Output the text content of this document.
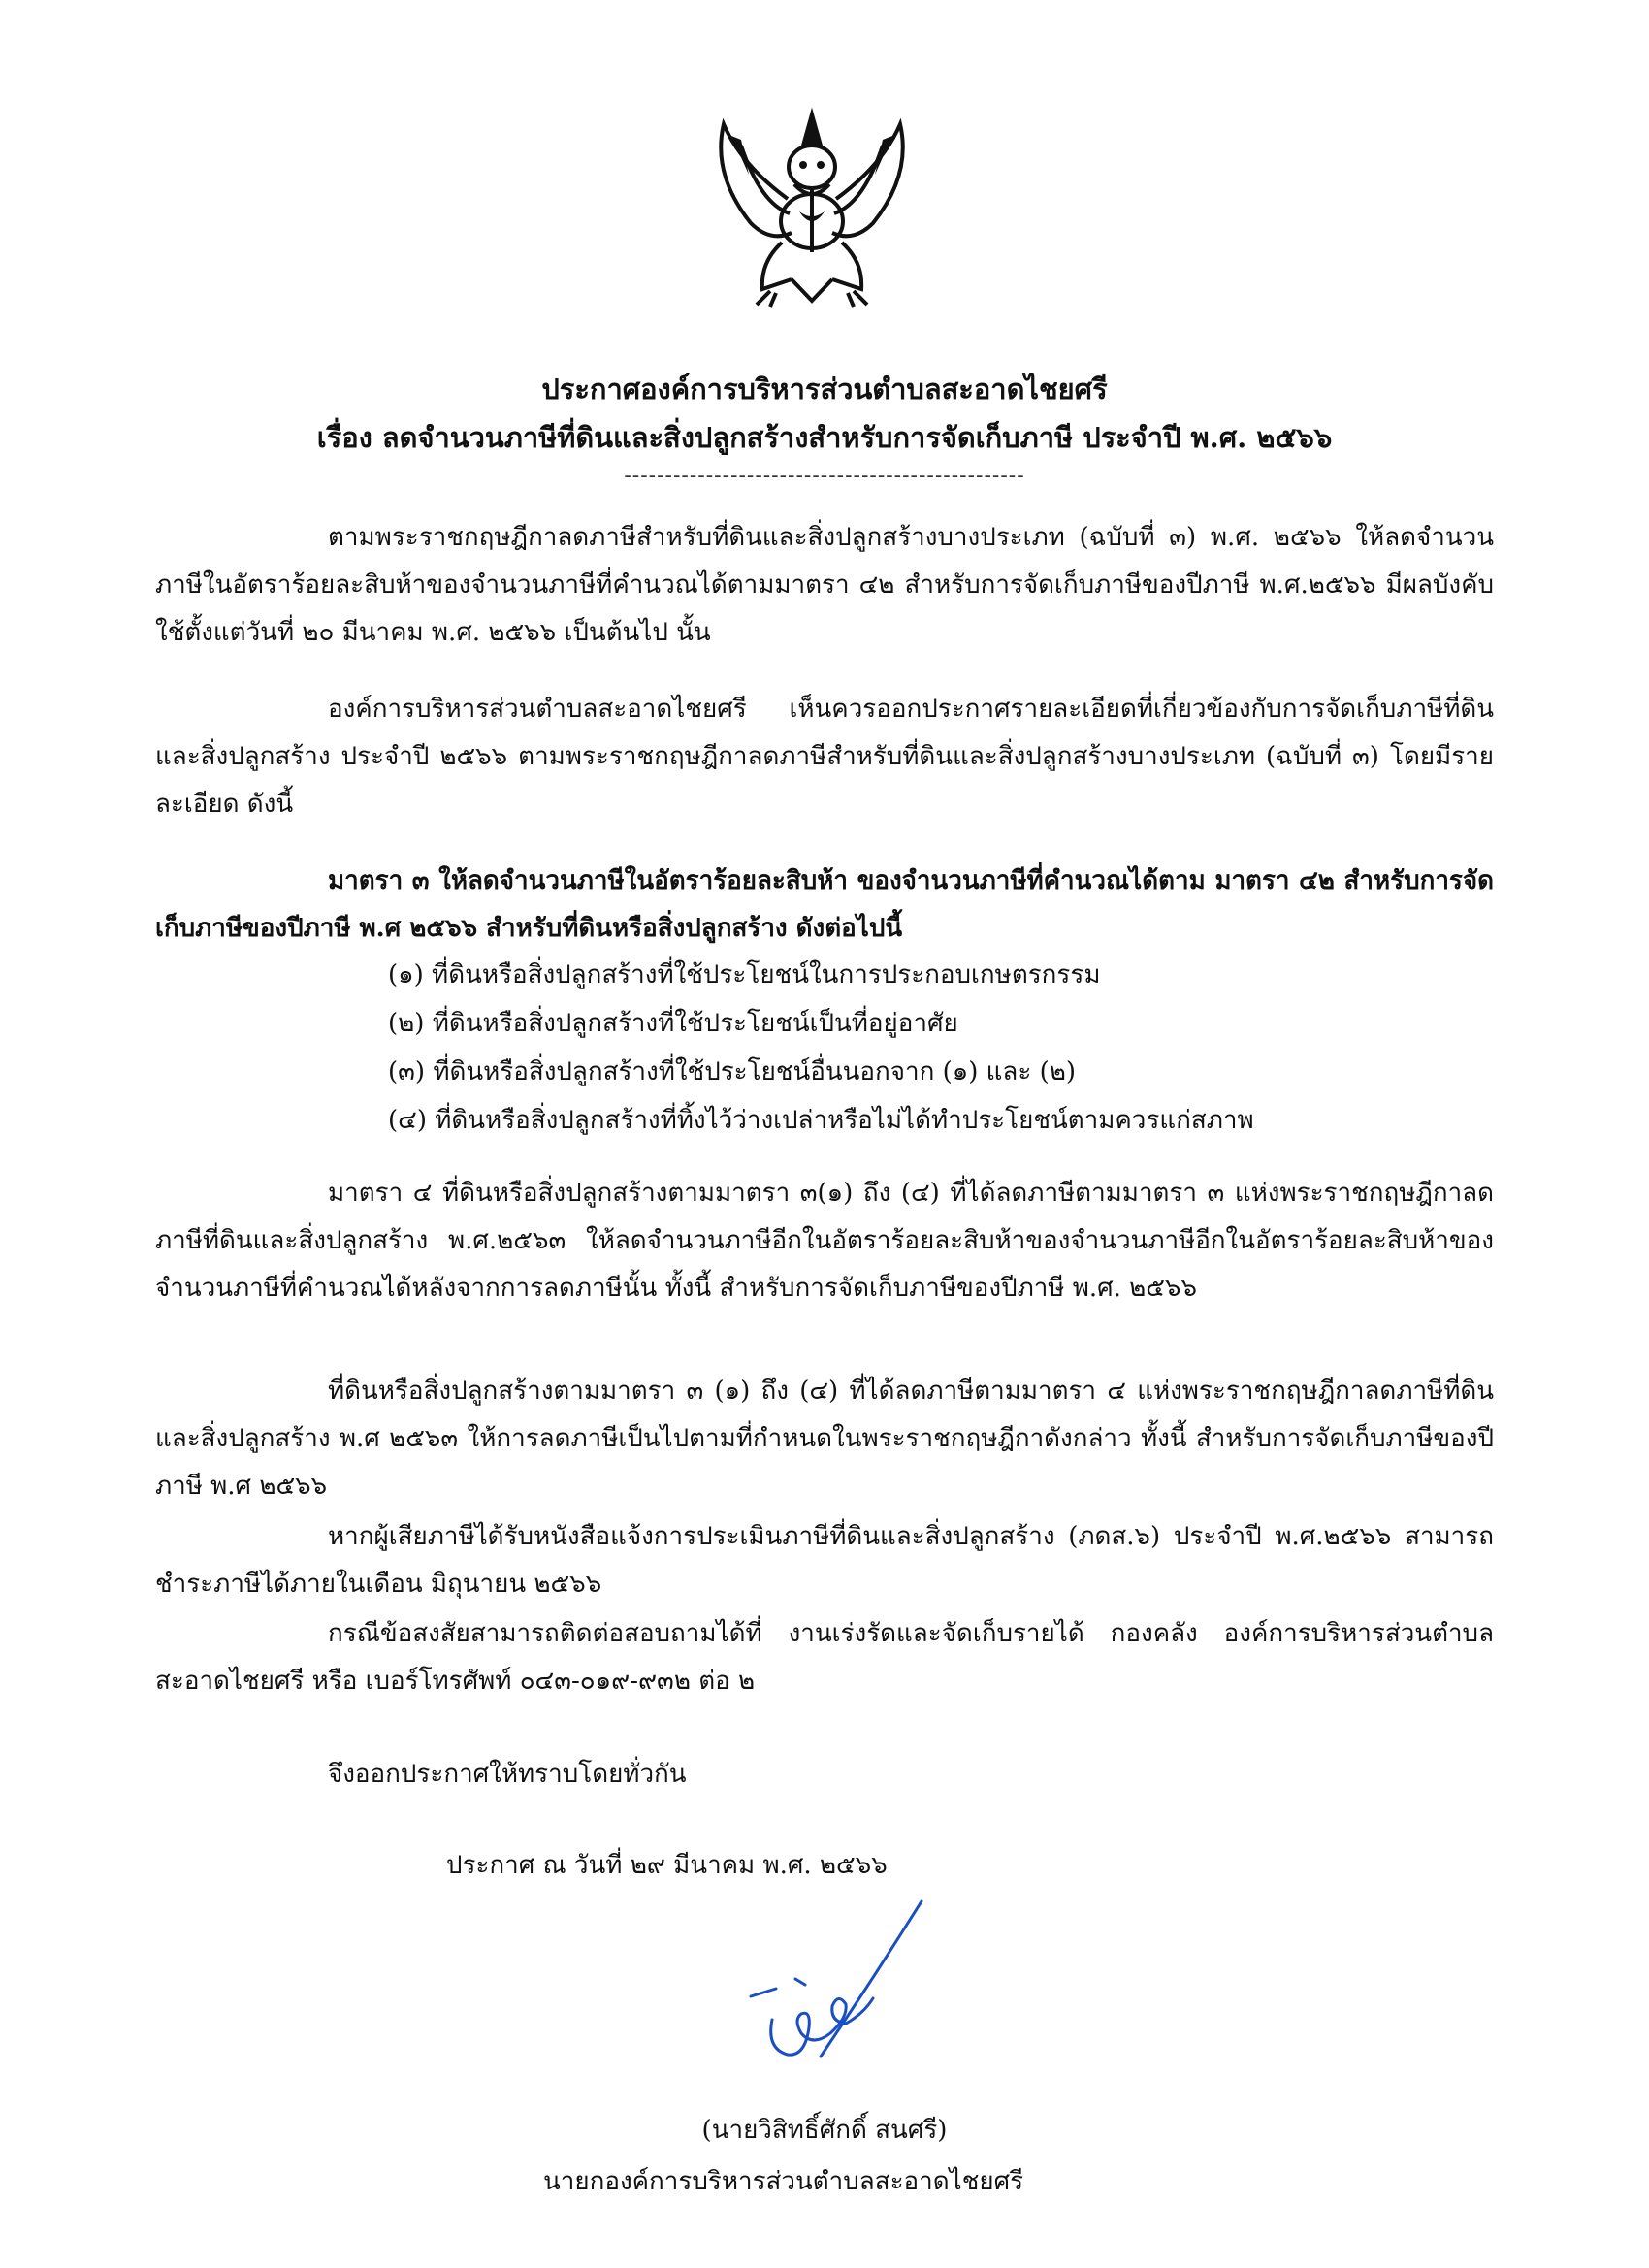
ประกาศองค์การบริหารส่วนตำบลสะอาดไชยศรี
เรื่อง ลดจำนวนภาษีที่ดินและสิ่งปลูกสร้างสำหรับการจัดเก็บภาษี ประจำปี พ.ศ. ๒๕๖๖
-------------------------------------------------
ตามพระราชกฤษฎีกาลดภาษีสำหรับที่ดินและสิ่งปลูกสร้างบางประเภท (ฉบับที่ ๓) พ.ศ. ๒๕๖๖ ให้ลดจำนวนภาษีในอัตราร้อยละสิบห้าของจำนวนภาษีที่คำนวณได้ตามมาตรา ๔๒ สำหรับการจัดเก็บภาษีของปีภาษี พ.ศ.๒๕๖๖ มีผลบังคับใช้ตั้งแต่วันที่ ๒๐ มีนาคม พ.ศ. ๒๕๖๖ เป็นต้นไป นั้น
องค์การบริหารส่วนตำบลสะอาดไชยศรี เห็นควรออกประกาศรายละเอียดที่เกี่ยวข้องกับการจัดเก็บภาษีที่ดินและสิ่งปลูกสร้าง ประจำปี ๒๕๖๖ ตามพระราชกฤษฎีกาลดภาษีสำหรับที่ดินและสิ่งปลูกสร้างบางประเภท (ฉบับที่ ๓) โดยมีรายละเอียด ดังนี้
มาตรา ๓ ให้ลดจำนวนภาษีในอัตราร้อยละสิบห้า ของจำนวนภาษีที่คำนวณได้ตาม มาตรา ๔๒ สำหรับการจัดเก็บภาษีของปีภาษี พ.ศ ๒๕๖๖ สำหรับที่ดินหรือสิ่งปลูกสร้าง ดังต่อไปนี้
(๑) ที่ดินหรือสิ่งปลูกสร้างที่ใช้ประโยชน์ในการประกอบเกษตรกรรม
(๒) ที่ดินหรือสิ่งปลูกสร้างที่ใช้ประโยชน์เป็นที่อยู่อาศัย
(๓) ที่ดินหรือสิ่งปลูกสร้างที่ใช้ประโยชน์อื่นนอกจาก (๑) และ (๒)
(๔) ที่ดินหรือสิ่งปลูกสร้างที่ทิ้งไว้ว่างเปล่าหรือไม่ได้ทำประโยชน์ตามควรแก่สภาพ
มาตรา ๔ ที่ดินหรือสิ่งปลูกสร้างตามมาตรา ๓(๑) ถึง (๔) ที่ได้ลดภาษีตามมาตรา ๓ แห่งพระราชกฤษฎีกาลดภาษีที่ดินและสิ่งปลูกสร้าง พ.ศ.๒๕๖๓ ให้ลดจำนวนภาษีอีกในอัตราร้อยละสิบห้าของจำนวนภาษีอีกในอัตราร้อยละสิบห้าของจำนวนภาษีที่คำนวณได้หลังจากการลดภาษีนั้น ทั้งนี้ สำหรับการจัดเก็บภาษีของปีภาษี พ.ศ. ๒๕๖๖
ที่ดินหรือสิ่งปลูกสร้างตามมาตรา ๓ (๑) ถึง (๔) ที่ได้ลดภาษีตามมาตรา ๔ แห่งพระราชกฤษฎีกาลดภาษีที่ดินและสิ่งปลูกสร้าง พ.ศ ๒๕๖๓ ให้การลดภาษีเป็นไปตามที่กำหนดในพระราชกฤษฎีกาดังกล่าว ทั้งนี้ สำหรับการจัดเก็บภาษีของปีภาษี พ.ศ ๒๕๖๖
หากผู้เสียภาษีได้รับหนังสือแจ้งการประเมินภาษีที่ดินและสิ่งปลูกสร้าง (ภดส.๖) ประจำปี พ.ศ.๒๕๖๖ สามารถชำระภาษีได้ภายในเดือน มิถุนายน ๒๕๖๖
กรณีข้อสงสัยสามารถติดต่อสอบถามได้ที่ งานเร่งรัดและจัดเก็บรายได้ กองคลัง องค์การบริหารส่วนตำบลสะอาดไชยศรี หรือ เบอร์โทรศัพท์ ๐๔๓-๐๑๙-๙๓๒ ต่อ ๒
จึงออกประกาศให้ทราบโดยทั่วกัน
ประกาศ ณ วันที่ ๒๙ มีนาคม พ.ศ. ๒๕๖๖
(นายวิสิทธิ์ศักดิ์ สนศรี)
นายกองค์การบริหารส่วนตำบลสะอาดไชยศรี
